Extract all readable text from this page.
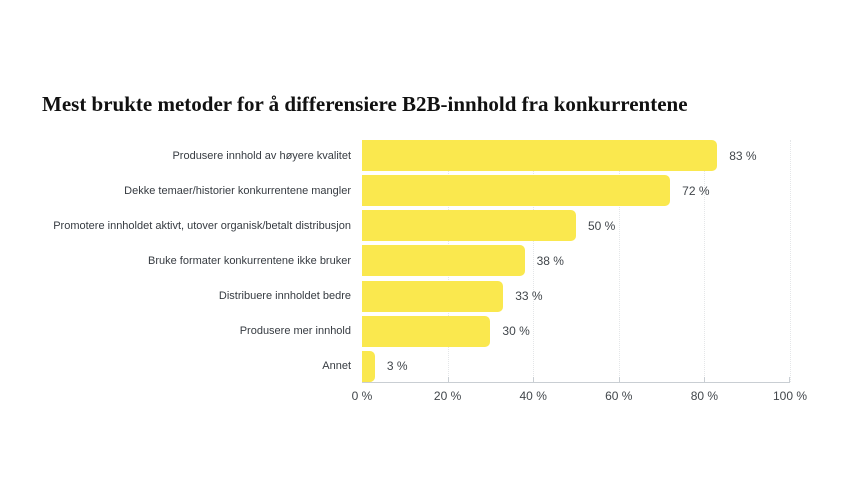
Mest brukte metoder for å differensiere B2B-innhold fra konkurrentene
Produsere innhold av høyere kvalitet	83 %
Dekke temaer/historier konkurrentene mangler	72 %
Promotere innholdet aktivt, utover organisk/betalt distribusjon	50 %
Bruke formater konkurrentene ikke bruker	38 %
Distribuere innholdet bedre	33 %
Produsere mer innhold	30 %
Annet	3 %
0 %	20 %	40 %	60 %	80 %	100 %
